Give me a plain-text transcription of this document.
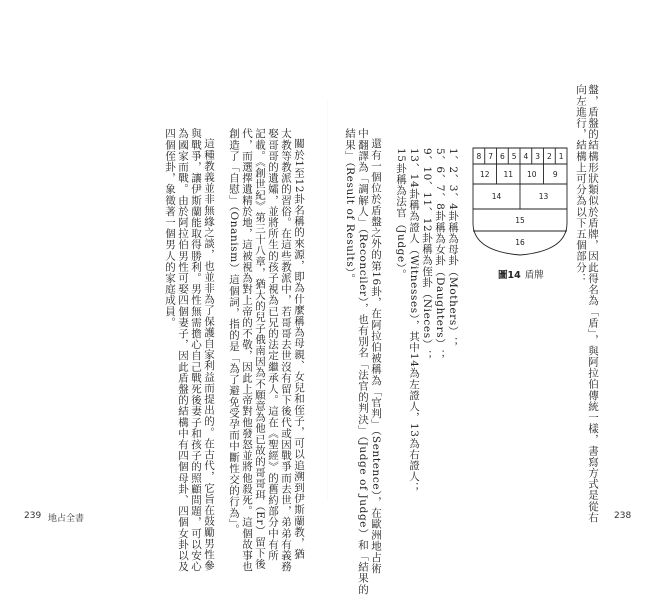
盤，盾盤的結構形狀類似於盾牌，因此得名為「盾」，與阿拉伯傳統一樣，書寫方式是從右
向左進行，結構上可分為以下五個部分：
1、2、3、4卦稱為母卦（Mothers）；
5、6、7、8卦稱為女卦（Daughters）；
9、10、11、12卦稱為侄卦（Nieces）；
13、14卦稱為證人（Witnesses），其中14為左證人，13為右證人；
15卦稱為法官（Judge）。
還有一個位於盾盤之外的第16卦，在阿拉伯被稱為「官判」（Sentence），在歐洲地占術
中翻譯為「調解人」（Reconciler），也有別名「法官的判決」（Judge of Judge）和「結果的
結果」（Result of Results）。
關於1至12卦名稱的來源，即為什麼稱為母親、女兒和侄子，可以追溯到伊斯蘭教，猶
太教等教派的習俗。在這些教派中，若哥哥去世沒有留下後代或因戰爭而去世，弟弟有義務
娶哥哥的遺孀，並將所生的孩子視為已兄的法定繼承人。這在《聖經》的舊約部分中有所
記載。《創世紀》第三十八章，猶大的兒子俄南因為不願意為他已故的哥哥珥（Er）留下後
代，而選擇遺精於地，這被視為對上帝的不敬，因此上帝對他發怒並將他殺死。這個故事也
創造了「自慰」（Onanism）這個詞，指的是「為了避免受孕而中斷性交的行為」。
這種教義並非無緣之談，也並非為了保護自家利益而提出的。在古代，它旨在鼓勵男性參
與戰爭，讓伊斯蘭能取得勝利。男性無需擔心自己戰死後妻子和孩子的照顧問題，可以安心
為國家而戰。由於阿拉伯男性可娶四個妻子，因此盾盤的結構中有四個母卦、四個女卦以及
四個侄卦，象徵著一個男人的家庭成員。	8 7 6 5 4 3 2 1
12 11 10 9
14	13
15
16
圖14 盾牌
238
239 地占全書
